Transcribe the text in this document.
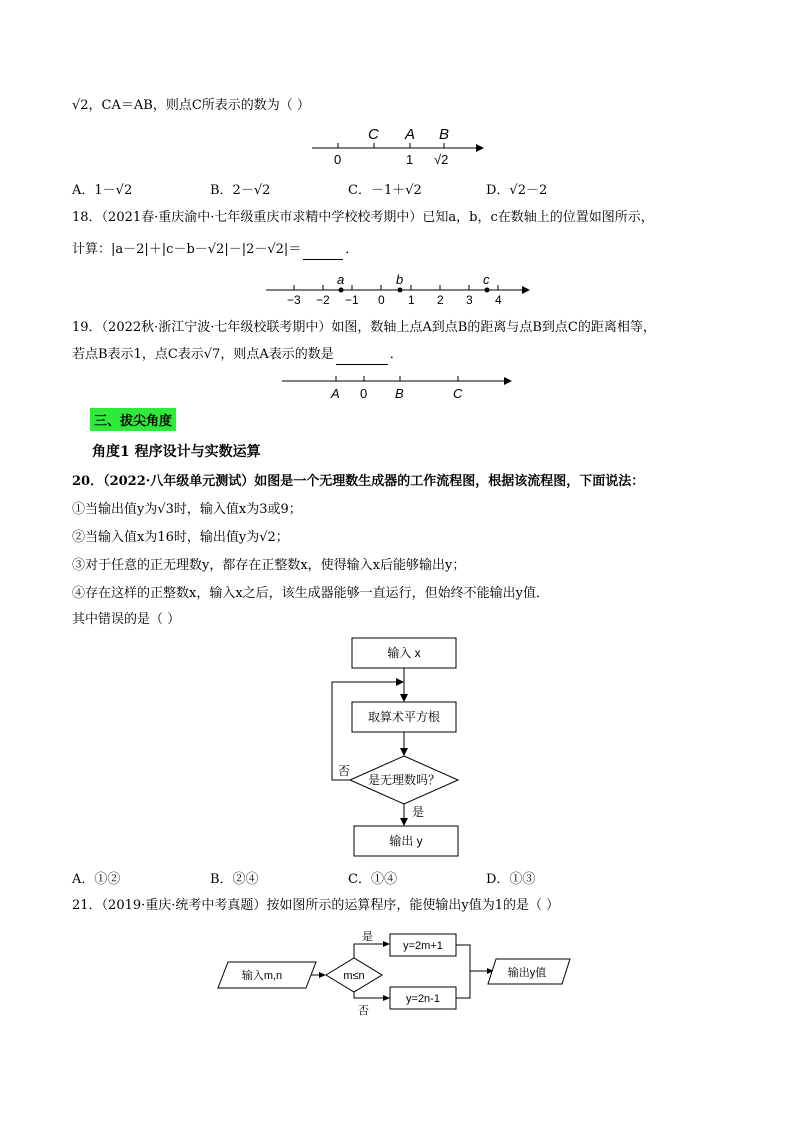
√2，CA＝AB，则点C所表示的数为（ ）
C A B
0	1 √2
A．1－√2	B．2－√2	C．－1＋√2	D．√2－2
18．（2021春·重庆渝中·七年级重庆市求精中学校校考期中）已知a，b，c在数轴上的位置如图所示，
计算：|a－2|＋|c－b－√2|－|2－√2|＝	．
a	b	c
−3 −2 −1 0 1 2 3 4
19．（2022秋·浙江宁波·七年级校联考期中）如图，数轴上点A到点B的距离与点B到点C的距离相等，
若点B表示1，点C表示√7，则点A表示的数是	．
A 0 B	C
三、拔尖角度
角度1 程序设计与实数运算
20．（2022·八年级单元测试）如图是一个无理数生成器的工作流程图，根据该流程图，下面说法：
①当输出值y为√3时，输入值x为3或9；
②当输入值x为16时，输出值y为√2；
③对于任意的正无理数y，都存在正整数x，使得输入x后能够输出y；
④存在这样的正整数x，输入x之后，该生成器能够一直运行，但始终不能输出y值．
其中错误的是（ ）
输入 x
取算术平方根
是无理数吗？
否
是
输出 y
A．①②	B．②④	C．①④	D．①③
21．（2019·重庆·统考中考真题）按如图所示的运算程序，能使输出y值为1的是（ ）
输入m,n	m≤n
是
否
y=2m+1
y=2n-1
输出y值
